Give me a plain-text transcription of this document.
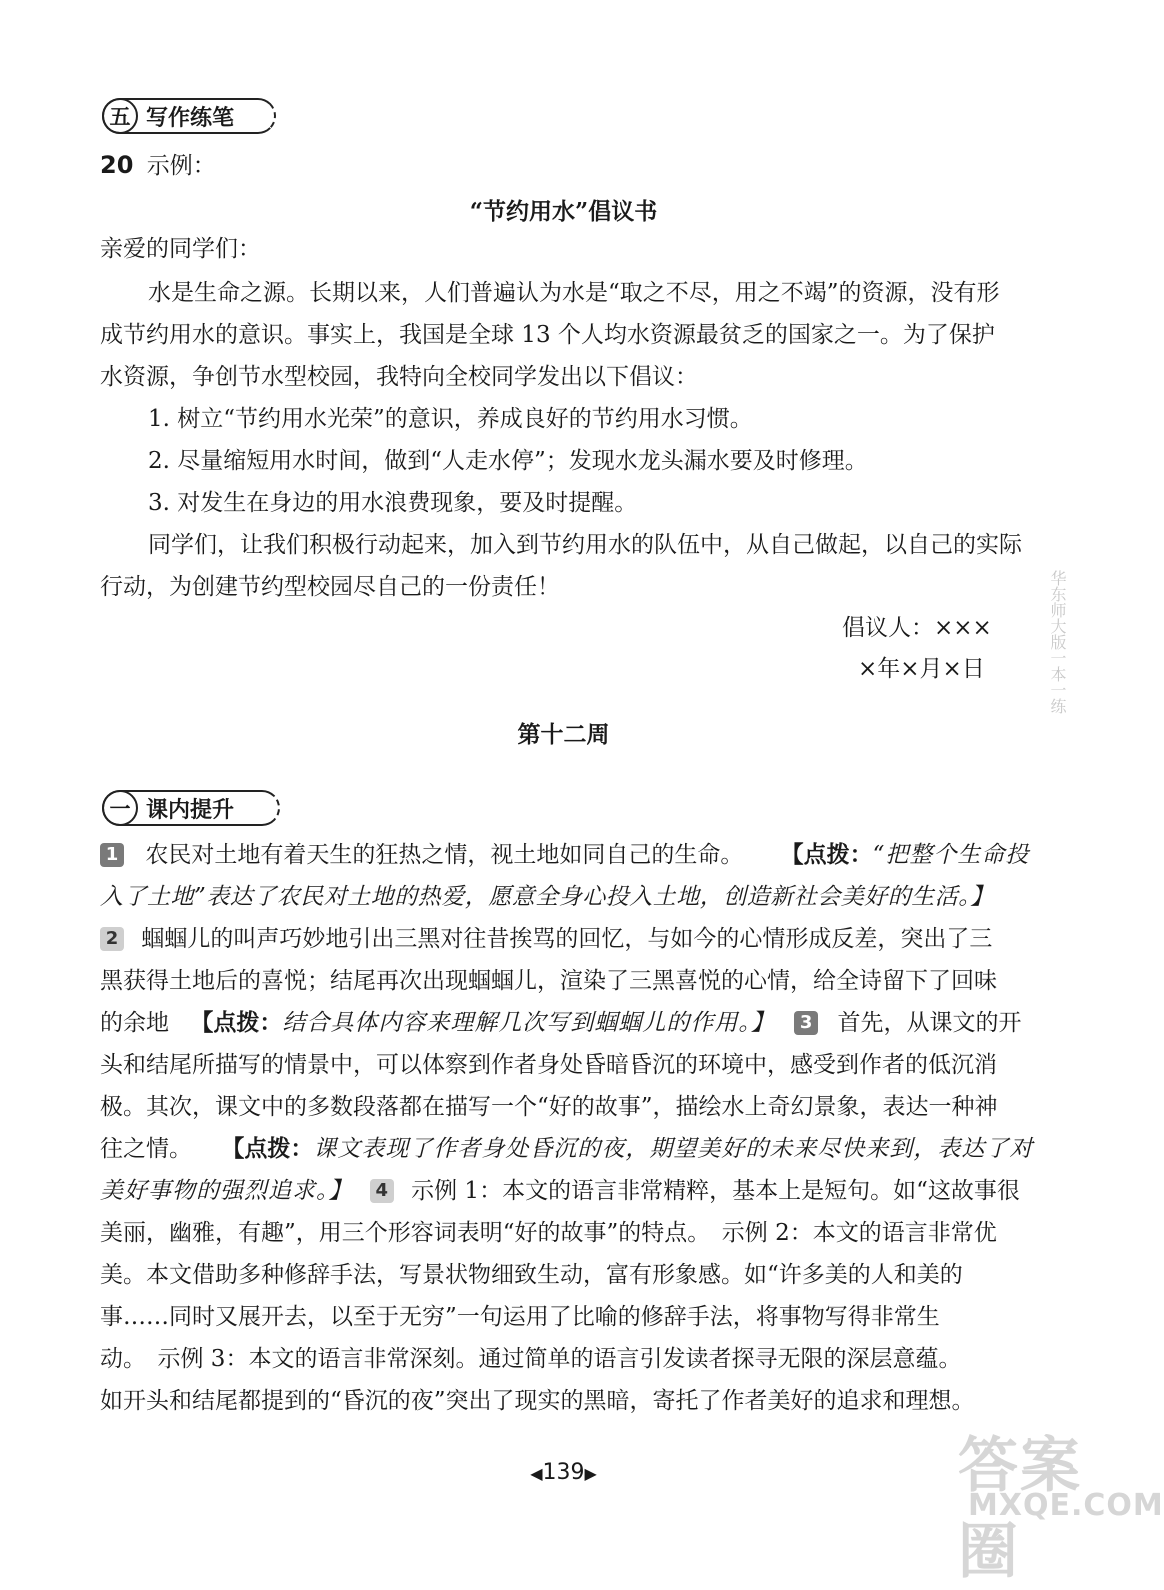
五 写作练笔
20 示例：
“节约用水”倡议书
亲爱的同学们：
水是生命之源。长期以来，人们普遍认为水是“取之不尽，用之不竭”的资源，没有形
成节约用水的意识。事实上，我国是全球 13 个人均水资源最贫乏的国家之一。为了保护
水资源，争创节水型校园，我特向全校同学发出以下倡议：
1. 树立“节约用水光荣”的意识，养成良好的节约用水习惯。
2. 尽量缩短用水时间，做到“人走水停”；发现水龙头漏水要及时修理。
3. 对发生在身边的用水浪费现象，要及时提醒。
同学们，让我们积极行动起来，加入到节约用水的队伍中，从自己做起，以自己的实际
行动，为创建节约型校园尽自己的一份责任！
倡议人：×××
×年×月×日
第十二周
一 课内提升
1 农民对土地有着天生的狂热之情，视土地如同自己的生命。 【点拨：“把整个生命投
入了土地”表达了农民对土地的热爱，愿意全身心投入土地，创造新社会美好的生活。】
2 蝈蝈儿的叫声巧妙地引出三黑对往昔挨骂的回忆，与如今的心情形成反差，突出了三
黑获得土地后的喜悦；结尾再次出现蝈蝈儿，渲染了三黑喜悦的心情，给全诗留下了回味
的余地 【点拨：结合具体内容来理解几次写到蝈蝈儿的作用。】 3 首先，从课文的开
头和结尾所描写的情景中，可以体察到作者身处昏暗昏沉的环境中，感受到作者的低沉消
极。其次，课文中的多数段落都在描写一个“好的故事”，描绘水上奇幻景象，表达一种神
往之情。 【点拨：课文表现了作者身处昏沉的夜，期望美好的未来尽快来到，表达了对
美好事物的强烈追求。】 4 示例 1：本文的语言非常精粹，基本上是短句。如“这故事很
美丽，幽雅，有趣”，用三个形容词表明“好的故事”的特点。　示例 2：本文的语言非常优
美。本文借助多种修辞手法，写景状物细致生动，富有形象感。如“许多美的人和美的
事……同时又展开去，以至于无穷”一句运用了比喻的修辞手法，将事物写得非常生
动。　示例 3：本文的语言非常深刻。通过简单的语言引发读者探寻无限的深层意蕴。
如开头和结尾都提到的“昏沉的夜”突出了现实的黑暗，寄托了作者美好的追求和理想。
华东师大版一本一练
◀139▶	答案圈
MXQE.COM
